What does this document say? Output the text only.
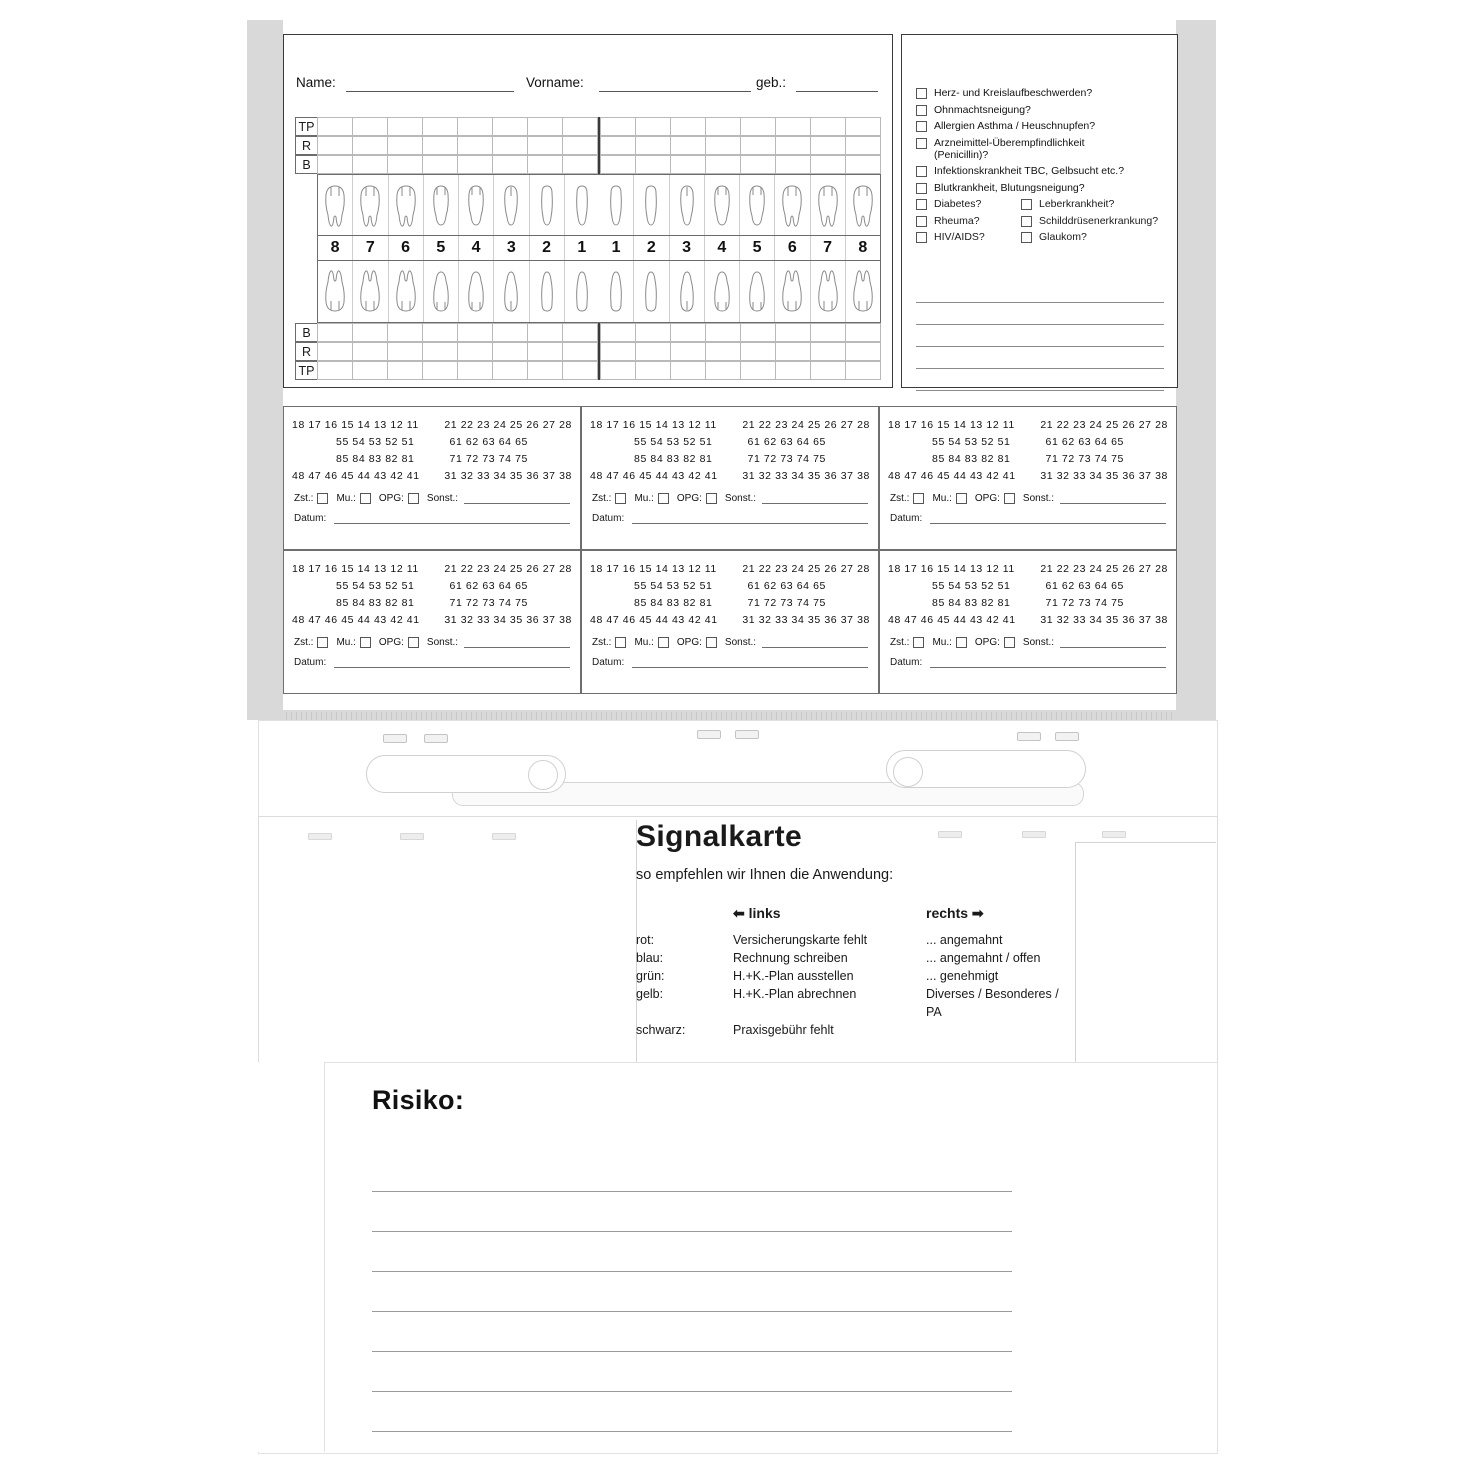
Name:	Vorname:	geb.:
TP
R
B
8	7	6	5	4	3	2	1	1	2	3	4	5	6	7	8
B
R
TP
Herz- und Kreislaufbeschwerden?
Ohnmachtsneigung?
Allergien Asthma / Heuschnupfen?
Arzneimittel-Überempfindlichkeit (Penicillin)?
Infektionskrankheit TBC, Gelbsucht etc.?
Blutkrankheit, Blutungsneigung?
Diabetes?	Leberkrankheit?
Rheuma?	Schilddrüsenerkrankung?
HIV/AIDS?	Glaukom?
18 17 16 15 14 13 12 11 21 22 23 24 25 26 27 28
55 54 53 52 51	61 62 63 64 65
85 84 83 82 81	71 72 73 74 75
48 47 46 45 44 43 42 41 31 32 33 34 35 36 37 38
Zst.: Mu.: OPG: Sonst.:
Datum:
18 17 16 15 14 13 12 11 21 22 23 24 25 26 27 28
55 54 53 52 51	61 62 63 64 65
85 84 83 82 81	71 72 73 74 75
48 47 46 45 44 43 42 41 31 32 33 34 35 36 37 38
Zst.: Mu.: OPG: Sonst.:
Datum:
18 17 16 15 14 13 12 11 21 22 23 24 25 26 27 28
55 54 53 52 51	61 62 63 64 65
85 84 83 82 81	71 72 73 74 75
48 47 46 45 44 43 42 41 31 32 33 34 35 36 37 38
Zst.: Mu.: OPG: Sonst.:
Datum:
18 17 16 15 14 13 12 11 21 22 23 24 25 26 27 28
55 54 53 52 51	61 62 63 64 65
85 84 83 82 81	71 72 73 74 75
48 47 46 45 44 43 42 41 31 32 33 34 35 36 37 38
Zst.: Mu.: OPG: Sonst.:
Datum:
18 17 16 15 14 13 12 11 21 22 23 24 25 26 27 28
55 54 53 52 51	61 62 63 64 65
85 84 83 82 81	71 72 73 74 75
48 47 46 45 44 43 42 41 31 32 33 34 35 36 37 38
Zst.: Mu.: OPG: Sonst.:
Datum:
18 17 16 15 14 13 12 11 21 22 23 24 25 26 27 28
55 54 53 52 51	61 62 63 64 65
85 84 83 82 81	71 72 73 74 75
48 47 46 45 44 43 42 41 31 32 33 34 35 36 37 38
Zst.: Mu.: OPG: Sonst.:
Datum:
Signalkarte
so empfehlen wir Ihnen die Anwendung:
⬅ links	rechts ➡
rot:	Versicherungskarte fehlt	... angemahnt
blau:	Rechnung schreiben	... angemahnt / offen
grün:	H.+K.-Plan ausstellen	... genehmigt
gelb:	H.+K.-Plan abrechnen	Diverses / Besonderes / PA
schwarz:	Praxisgebühr fehlt
Risiko:
